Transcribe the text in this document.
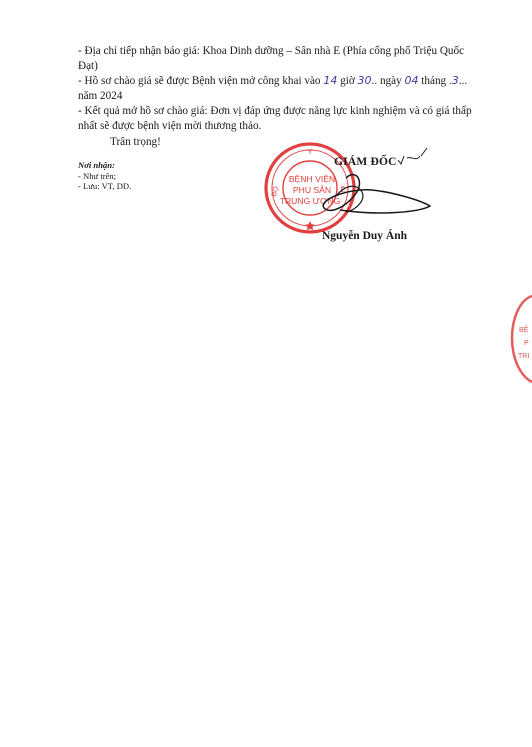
- Địa chỉ tiếp nhận báo giá: Khoa Dinh dưỡng – Sân nhà E (Phía cổng phố Triệu Quốc
Đạt)
- Hồ sơ chào giá sẽ được Bệnh viện mở công khai vào 14 giờ 30.. ngày 04 tháng .3...
năm 2024
- Kết quả mở hồ sơ chào giá: Đơn vị đáp ứng được năng lực kinh nghiệm và có giá thấp
nhất sẽ được bệnh viện mời thương thảo.
Trân trọng!
Nơi nhận:
- Như trên;
- Lưu: VT, DD.
Y
BỘ	Ế
BỆNH VIỆN
PHỤ SẢN
TRUNG ƯƠNG
BỆ
P
TRI
GIÁM ĐỐC
Nguyễn Duy Ánh
